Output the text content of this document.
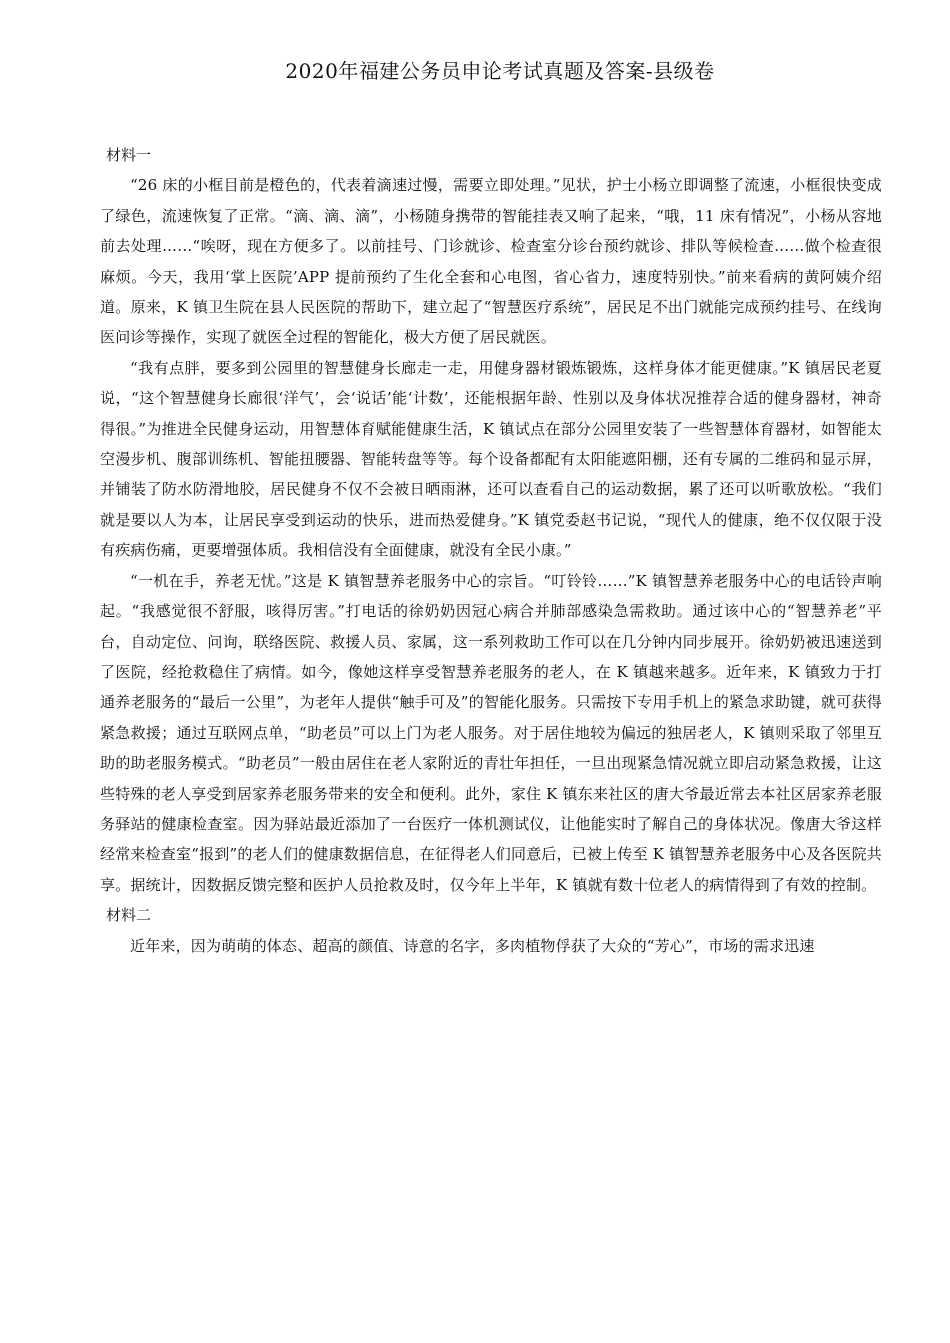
2020年福建公务员申论考试真题及答案-县级卷

材料一

“26 床的小框目前是橙色的，代表着滴速过慢，需要立即处理。”见状，护士小杨立即调整了流速，小框很快变成了绿色，流速恢复了正常。“滴、滴、滴”，小杨随身携带的智能挂表又响了起来，“哦，11 床有情况”，小杨从容地前去处理……“唉呀，现在方便多了。以前挂号、门诊就诊、检查室分诊台预约就诊、排队等候检查……做个检查很麻烦。今天，我用‘掌上医院’APP 提前预约了生化全套和心电图，省心省力，速度特别快。”前来看病的黄阿姨介绍道。原来，K 镇卫生院在县人民医院的帮助下，建立起了“智慧医疗系统”，居民足不出门就能完成预约挂号、在线询医问诊等操作，实现了就医全过程的智能化，极大方便了居民就医。

“我有点胖，要多到公园里的智慧健身长廊走一走，用健身器材锻炼锻炼，这样身体才能更健康。”K 镇居民老夏说，“这个智慧健身长廊很‘洋气’，会‘说话’能‘计数’，还能根据年龄、性别以及身体状况推荐合适的健身器材，神奇得很。”为推进全民健身运动，用智慧体育赋能健康生活，K 镇试点在部分公园里安装了一些智慧体育器材，如智能太空漫步机、腹部训练机、智能扭腰器、智能转盘等等。每个设备都配有太阳能遮阳棚，还有专属的二维码和显示屏，并铺装了防水防滑地胶，居民健身不仅不会被日晒雨淋，还可以查看自己的运动数据，累了还可以听歌放松。“我们就是要以人为本，让居民享受到运动的快乐，进而热爱健身。”K 镇党委赵书记说，“现代人的健康，绝不仅仅限于没有疾病伤痛，更要增强体质。我相信没有全面健康，就没有全民小康。”

“一机在手，养老无忧。”这是 K 镇智慧养老服务中心的宗旨。“叮铃铃……”K 镇智慧养老服务中心的电话铃声响起。“我感觉很不舒服，咳得厉害。”打电话的徐奶奶因冠心病合并肺部感染急需救助。通过该中心的“智慧养老”平台，自动定位、问询，联络医院、救援人员、家属，这一系列救助工作可以在几分钟内同步展开。徐奶奶被迅速送到了医院，经抢救稳住了病情。如今，像她这样享受智慧养老服务的老人，在 K 镇越来越多。近年来，K 镇致力于打通养老服务的“最后一公里”，为老年人提供“触手可及”的智能化服务。只需按下专用手机上的紧急求助键，就可获得紧急救援；通过互联网点单，“助老员”可以上门为老人服务。对于居住地较为偏远的独居老人，K 镇则采取了邻里互助的助老服务模式。“助老员”一般由居住在老人家附近的青壮年担任，一旦出现紧急情况就立即启动紧急救援，让这些特殊的老人享受到居家养老服务带来的安全和便利。此外，家住 K 镇东来社区的唐大爷最近常去本社区居家养老服务驿站的健康检查室。因为驿站最近添加了一台医疗一体机测试仪，让他能实时了解自己的身体状况。像唐大爷这样经常来检查室“报到”的老人们的健康数据信息，在征得老人们同意后，已被上传至 K 镇智慧养老服务中心及各医院共享。据统计，因数据反馈完整和医护人员抢救及时，仅今年上半年，K 镇就有数十位老人的病情得到了有效的控制。

材料二

近年来，因为萌萌的体态、超高的颜值、诗意的名字，多肉植物俘获了大众的“芳心”，市场的需求迅速
